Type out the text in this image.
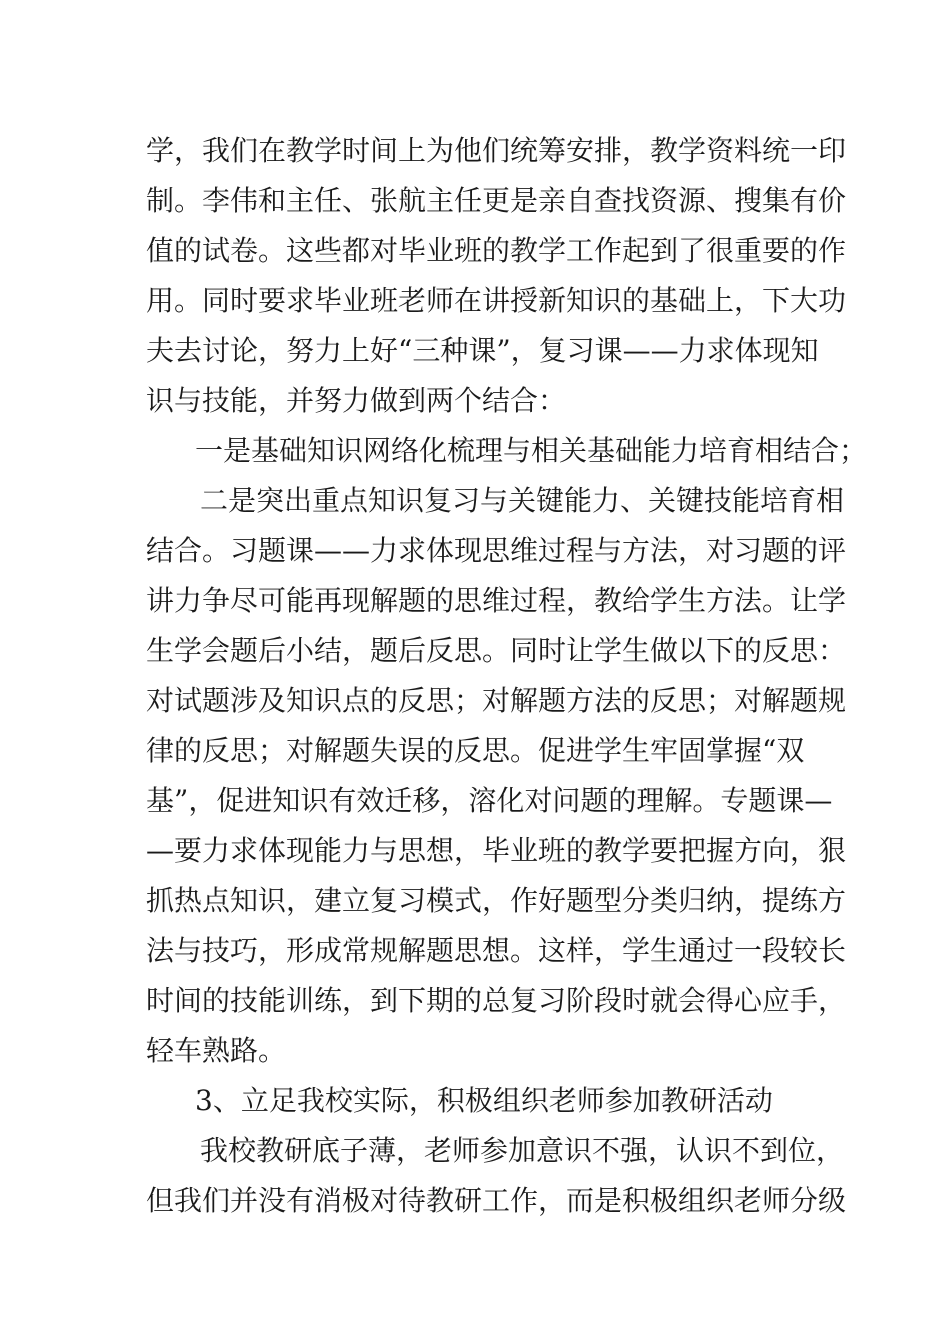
学，我们在教学时间上为他们统筹安排，教学资料统一印
制。李伟和主任、张航主任更是亲自查找资源、搜集有价
值的试卷。这些都对毕业班的教学工作起到了很重要的作
用。同时要求毕业班老师在讲授新知识的基础上，下大功
夫去讨论，努力上好“三种课”，复习课——力求体现知
识与技能，并努力做到两个结合：
一是基础知识网络化梳理与相关基础能力培育相结合；
二是突出重点知识复习与关键能力、关键技能培育相
结合。习题课——力求体现思维过程与方法，对习题的评
讲力争尽可能再现解题的思维过程，教给学生方法。让学
生学会题后小结，题后反思。同时让学生做以下的反思：
对试题涉及知识点的反思；对解题方法的反思；对解题规
律的反思；对解题失误的反思。促进学生牢固掌握“双
基”，促进知识有效迁移，溶化对问题的理解。专题课—
—要力求体现能力与思想，毕业班的教学要把握方向，狠
抓热点知识，建立复习模式，作好题型分类归纳，提练方
法与技巧，形成常规解题思想。这样，学生通过一段较长
时间的技能训练，到下期的总复习阶段时就会得心应手，
轻车熟路。
3、立足我校实际，积极组织老师参加教研活动
我校教研底子薄，老师参加意识不强，认识不到位，
但我们并没有消极对待教研工作，而是积极组织老师分级
